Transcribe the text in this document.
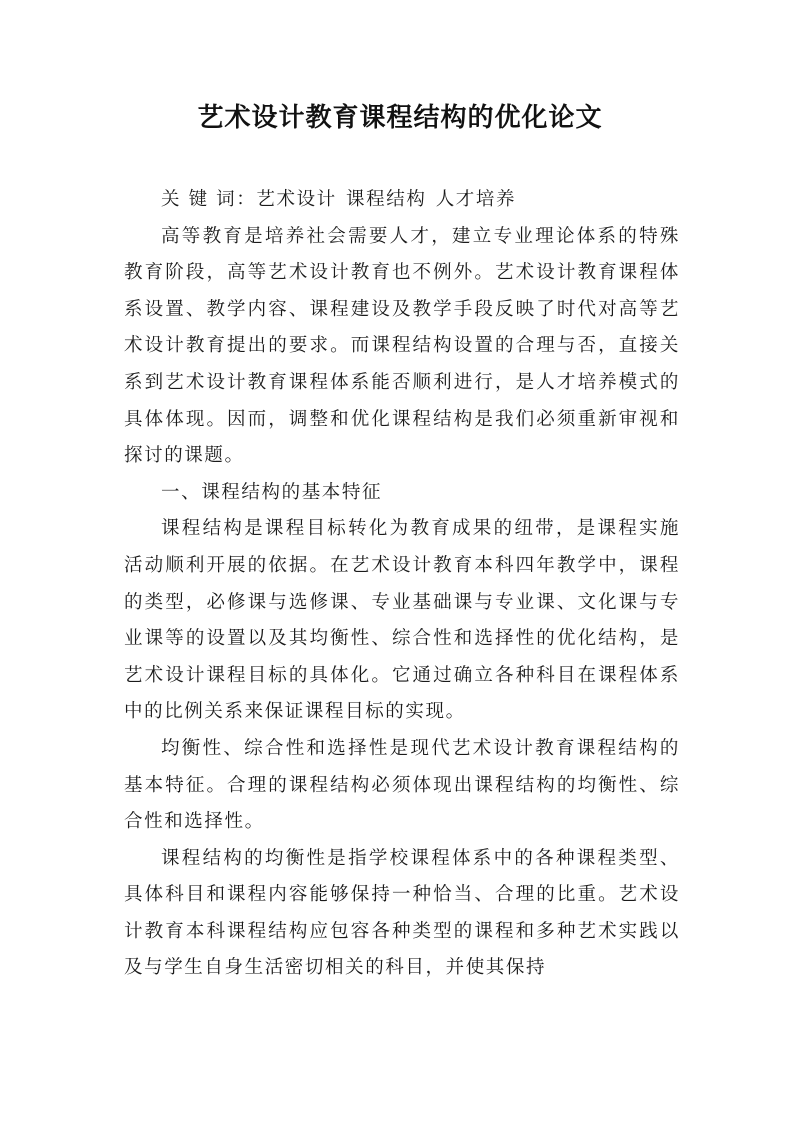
艺术设计教育课程结构的优化论文

关 键 词：艺术设计 课程结构 人才培养

高等教育是培养社会需要人才，建立专业理论体系的特殊教育阶段，高等艺术设计教育也不例外。艺术设计教育课程体系设置、教学内容、课程建设及教学手段反映了时代对高等艺术设计教育提出的要求。而课程结构设置的合理与否，直接关系到艺术设计教育课程体系能否顺利进行，是人才培养模式的具体体现。因而，调整和优化课程结构是我们必须重新审视和探讨的课题。

一、课程结构的基本特征

课程结构是课程目标转化为教育成果的纽带，是课程实施活动顺利开展的依据。在艺术设计教育本科四年教学中，课程的类型，必修课与选修课、专业基础课与专业课、文化课与专业课等的设置以及其均衡性、综合性和选择性的优化结构，是艺术设计课程目标的具体化。它通过确立各种科目在课程体系中的比例关系来保证课程目标的实现。

均衡性、综合性和选择性是现代艺术设计教育课程结构的基本特征。合理的课程结构必须体现出课程结构的均衡性、综合性和选择性。

课程结构的均衡性是指学校课程体系中的各种课程类型、具体科目和课程内容能够保持一种恰当、合理的比重。艺术设计教育本科课程结构应包容各种类型的课程和多种艺术实践以及与学生自身生活密切相关的科目，并使其保持
